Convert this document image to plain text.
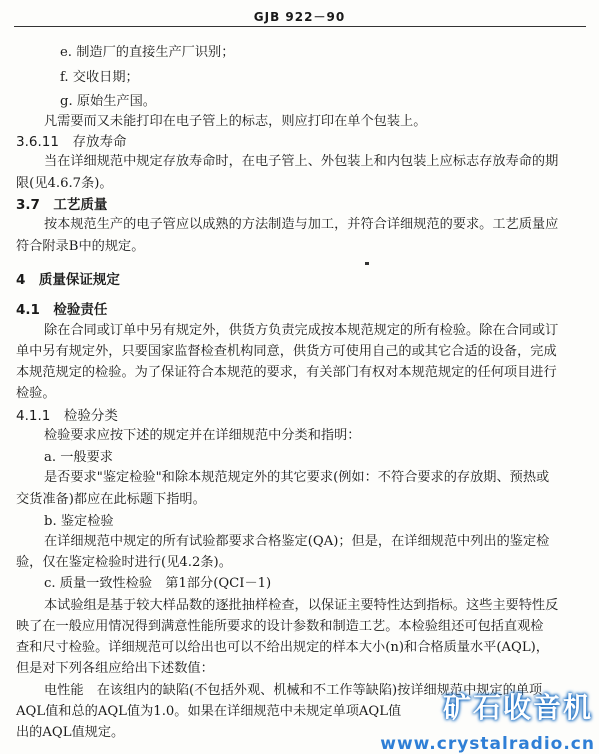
GJB 922－90
e. 制造厂的直接生产厂识别；
f. 交收日期；
g. 原始生产国。
凡需要而又未能打印在电子管上的标志，则应打印在单个包装上。
3.6.11　存放寿命
当在详细规范中规定存放寿命时，在电子管上、外包装上和内包装上应标志存放寿命的期
限(见4.6.7条)。
3.7　工艺质量
按本规范生产的电子管应以成熟的方法制造与加工，并符合详细规范的要求。工艺质量应
符合附录B中的规定。
4　质量保证规定
4.1　检验责任
除在合同或订单中另有规定外，供货方负责完成按本规范规定的所有检验。除在合同或订
单中另有规定外，只要国家监督检查机构同意，供货方可使用自己的或其它合适的设备，完成
本规范规定的检验。为了保证符合本规范的要求，有关部门有权对本规范规定的任何项目进行
检验。
4.1.1　检验分类
检验要求应按下述的规定并在详细规范中分类和指明：
a. 一般要求
是否要求"鉴定检验"和除本规范规定外的其它要求(例如：不符合要求的存放期、预热或
交货准备)都应在此标题下指明。
b. 鉴定检验
在详细规范中规定的所有试验都要求合格鉴定(QA)；但是，在详细规范中列出的鉴定检
验，仅在鉴定检验时进行(见4.2条)。
c. 质量一致性检验　第1部分(QCI－1)
本试验组是基于较大样品数的逐批抽样检查，以保证主要特性达到指标。这些主要特性反
映了在一般应用情况得到满意性能所要求的设计参数和制造工艺。本检验组还可包括直观检
查和尺寸检验。详细规范可以给出也可以不给出规定的样本大小(n)和合格质量水平(AQL)，
但是对下列各组应给出下述数值：
电性能　在该组内的缺陷(不包括外观、机械和不工作等缺陷)按详细规范中规定的单项
AQL值和总的AQL值为1.0。如果在详细规范中未规定单项AQL值
出的AQL值规定。
矿石收音机
www.crystalradio.cn
